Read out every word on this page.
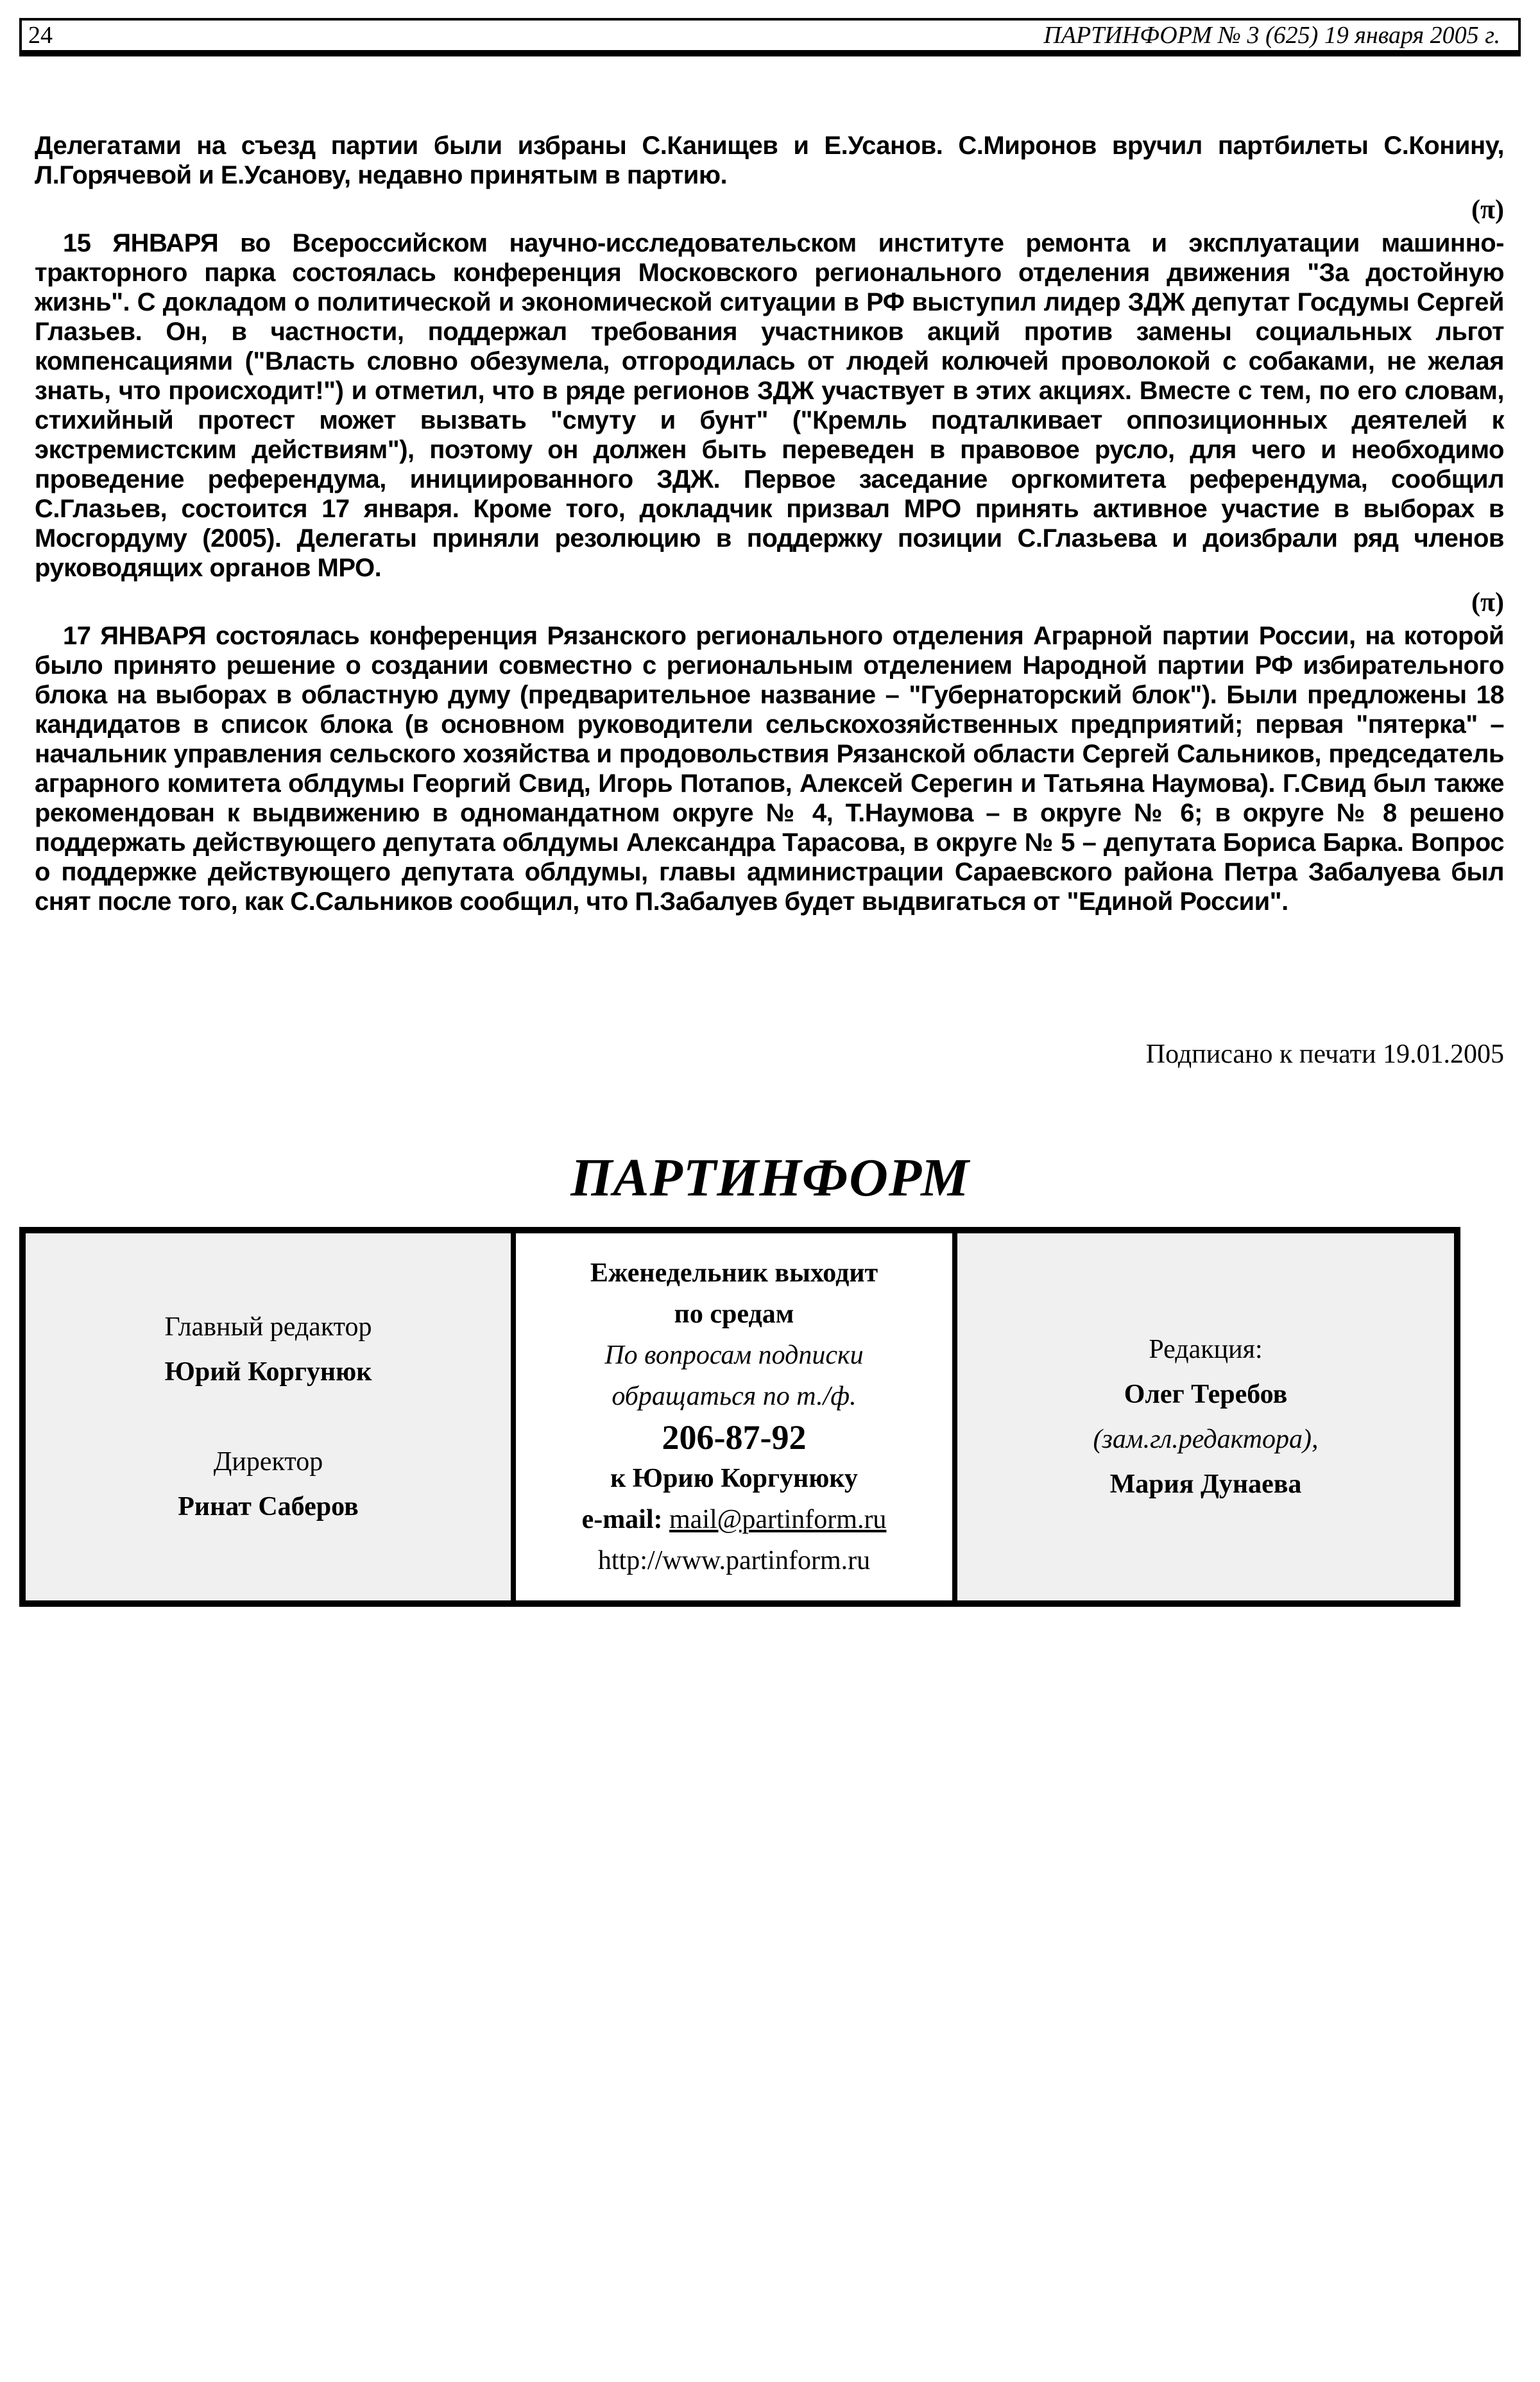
24	ПАРТИНФОРМ № 3 (625) 19 января 2005 г.

Делегатами на съезд партии были избраны С.Канищев и Е.Усанов. С.Миронов вручил партбилеты С.Конину, Л.Горячевой и Е.Усанову, недавно принятым в партию.

(π)

15 ЯНВАРЯ во Всероссийском научно-исследовательском институте ремонта и эксплуатации машинно-тракторного парка состоялась конференция Московского регионального отделения движения "За достойную жизнь". С докладом о политической и экономической ситуации в РФ выступил лидер ЗДЖ депутат Госдумы Сергей Глазьев. Он, в частности, поддержал требования участников акций против замены социальных льгот компенсациями ("Власть словно обезумела, отгородилась от людей колючей проволокой с собаками, не желая знать, что происходит!") и отметил, что в ряде регионов ЗДЖ участвует в этих акциях. Вместе с тем, по его словам, стихийный протест может вызвать "смуту и бунт" ("Кремль подталкивает оппозиционных деятелей к экстремистским действиям"), поэтому он должен быть переведен в правовое русло, для чего и необходимо проведение референдума, инициированного ЗДЖ. Первое заседание оргкомитета референдума, сообщил С.Глазьев, состоится 17 января. Кроме того, докладчик призвал МРО принять активное участие в выборах в Мосгордуму (2005). Делегаты приняли резолюцию в поддержку позиции С.Глазьева и доизбрали ряд членов руководящих органов МРО.

(π)

17 ЯНВАРЯ состоялась конференция Рязанского регионального отделения Аграрной партии России, на которой было принято решение о создании совместно с региональным отделением Народной партии РФ избирательного блока на выборах в областную думу (предварительное название – "Губернаторский блок"). Были предложены 18 кандидатов в список блока (в основном руководители сельскохозяйственных предприятий; первая "пятерка" – начальник управления сельского хозяйства и продовольствия Рязанской области Сергей Сальников, председатель аграрного комитета облдумы Георгий Свид, Игорь Потапов, Алексей Серегин и Татьяна Наумова). Г.Свид был также рекомендован к выдвижению в одномандатном округе № 4, Т.Наумова – в округе № 6; в округе № 8 решено поддержать действующего депутата облдумы Александра Тарасова, в округе № 5 – депутата Бориса Барка. Вопрос о поддержке действующего депутата облдумы, главы администрации Сараевского района Петра Забалуева был снят после того, как С.Сальников сообщил, что П.Забалуев будет выдвигаться от "Единой России".

Подписано к печати 19.01.2005
ПАРТИНФОРМ
Главный редактор
Юрий Коргунюк
Директор
Ринат Саберов
Еженедельник выходит
по средам
По вопросам подписки
обращаться по т./ф.
206-87-92
к Юрию Коргунюку
e-mail: mail@partinform.ru
http://www.partinform.ru
Редакция:
Олег Теребов
(зам.гл.редактора),
Мария Дунаева
